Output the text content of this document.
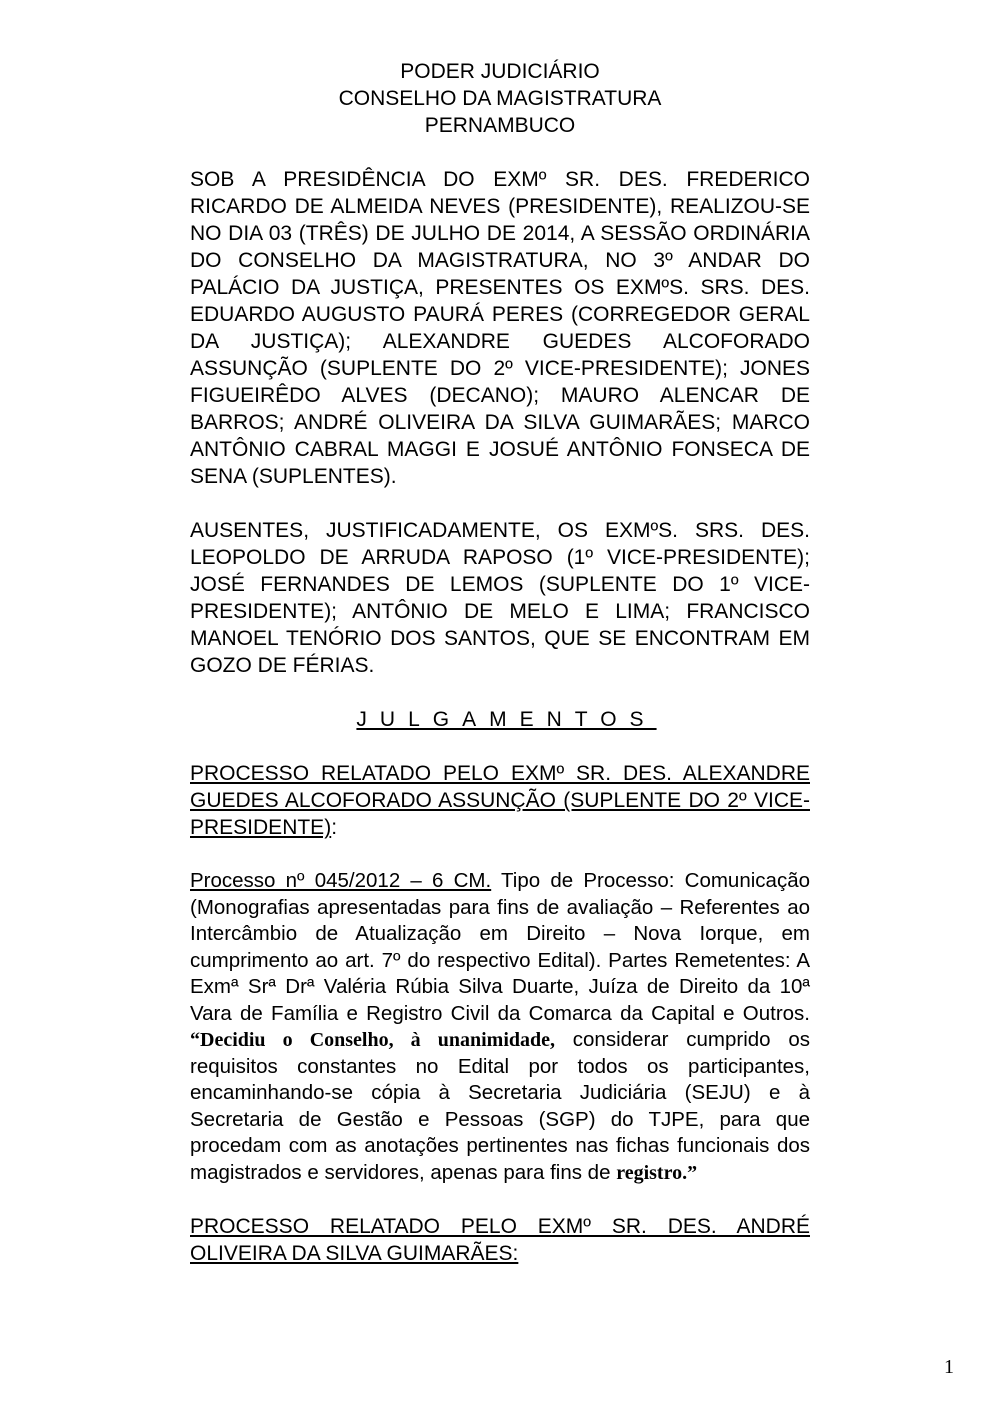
PODER JUDICIÁRIO
CONSELHO DA MAGISTRATURA
PERNAMBUCO
SOB A PRESIDÊNCIA DO EXMº SR. DES. FREDERICO RICARDO DE ALMEIDA NEVES (PRESIDENTE), REALIZOU-SE NO DIA 03 (TRÊS) DE JULHO DE 2014, A SESSÃO ORDINÁRIA DO CONSELHO DA MAGISTRATURA, NO 3º ANDAR DO PALÁCIO DA JUSTIÇA, PRESENTES OS EXMºS. SRS. DES. EDUARDO AUGUSTO PAURÁ PERES (CORREGEDOR GERAL DA JUSTIÇA); ALEXANDRE GUEDES ALCOFORADO ASSUNÇÃO (SUPLENTE DO 2º VICE-PRESIDENTE); JONES FIGUEIRÊDO ALVES (DECANO); MAURO ALENCAR DE BARROS; ANDRÉ OLIVEIRA DA SILVA GUIMARÃES; MARCO ANTÔNIO CABRAL MAGGI E JOSUÉ ANTÔNIO FONSECA DE SENA (SUPLENTES).
AUSENTES, JUSTIFICADAMENTE, OS EXMºS. SRS. DES. LEOPOLDO DE ARRUDA RAPOSO (1º VICE-PRESIDENTE); JOSÉ FERNANDES DE LEMOS (SUPLENTE DO 1º VICE-PRESIDENTE); ANTÔNIO DE MELO E LIMA; FRANCISCO MANOEL TENÓRIO DOS SANTOS, QUE SE ENCONTRAM EM GOZO DE FÉRIAS.
JULGAMENTOS
PROCESSO RELATADO PELO EXMº SR. DES. ALEXANDRE GUEDES ALCOFORADO ASSUNÇÃO (SUPLENTE DO 2º VICE-PRESIDENTE):
Processo nº 045/2012 – 6 CM. Tipo de Processo: Comunicação (Monografias apresentadas para fins de avaliação – Referentes ao Intercâmbio de Atualização em Direito – Nova Iorque, em cumprimento ao art. 7º do respectivo Edital). Partes Remetentes: A Exmª Srª Drª Valéria Rúbia Silva Duarte, Juíza de Direito da 10ª Vara de Família e Registro Civil da Comarca da Capital e Outros. “Decidiu o Conselho, à unanimidade, considerar cumprido os requisitos constantes no Edital por todos os participantes, encaminhando-se cópia à Secretaria Judiciária (SEJU) e à Secretaria de Gestão e Pessoas (SGP) do TJPE, para que procedam com as anotações pertinentes nas fichas funcionais dos magistrados e servidores, apenas para fins de registro.”
PROCESSO RELATADO PELO EXMº SR. DES. ANDRÉ OLIVEIRA DA SILVA GUIMARÃES:
1
